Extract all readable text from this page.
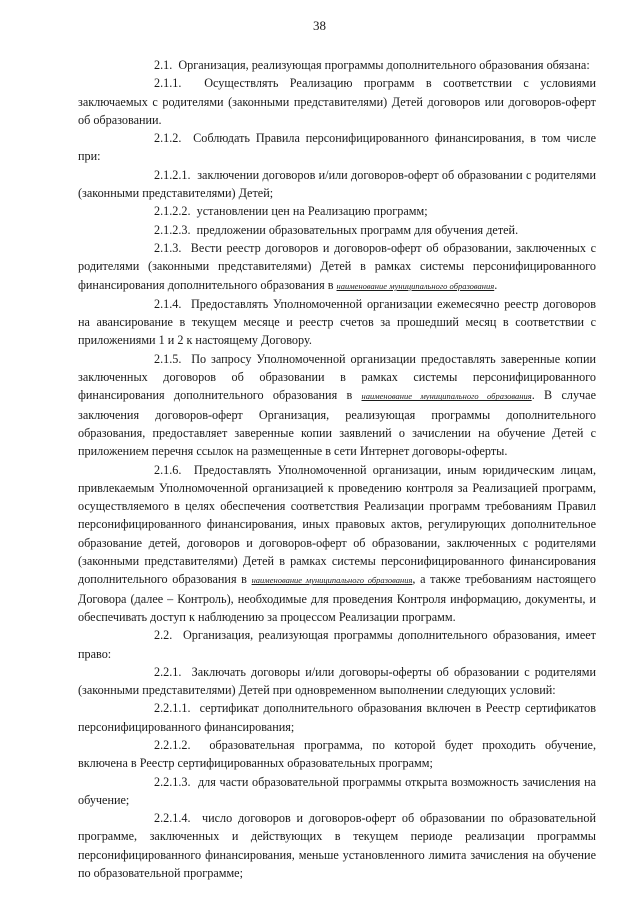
38

2.1. Организация, реализующая программы дополнительного образования обязана:

2.1.1. Осуществлять Реализацию программ в соответствии с условиями заключаемых с родителями (законными представителями) Детей договоров или договоров-оферт об образовании.

2.1.2. Соблюдать Правила персонифицированного финансирования, в том числе при:

2.1.2.1. заключении договоров и/или договоров-оферт об образовании с родителями (законными представителями) Детей;

2.1.2.2. установлении цен на Реализацию программ;

2.1.2.3. предложении образовательных программ для обучения детей.

2.1.3. Вести реестр договоров и договоров-оферт об образовании, заключенных с родителями (законными представителями) Детей в рамках системы персонифицированного финансирования дополнительного образования в наименование муниципального образования.

2.1.4. Предоставлять Уполномоченной организации ежемесячно реестр договоров на авансирование в текущем месяце и реестр счетов за прошедший месяц в соответствии с приложениями 1 и 2 к настоящему Договору.

2.1.5. По запросу Уполномоченной организации предоставлять заверенные копии заключенных договоров об образовании в рамках системы персонифицированного финансирования дополнительного образования в наименование муниципального образования. В случае заключения договоров-оферт Организация, реализующая программы дополнительного образования, предоставляет заверенные копии заявлений о зачислении на обучение Детей с приложением перечня ссылок на размещенные в сети Интернет договоры-оферты.

2.1.6. Предоставлять Уполномоченной организации, иным юридическим лицам, привлекаемым Уполномоченной организацией к проведению контроля за Реализацией программ, осуществляемого в целях обеспечения соответствия Реализации программ требованиям Правил персонифицированного финансирования, иных правовых актов, регулирующих дополнительное образование детей, договоров и договоров-оферт об образовании, заключенных с родителями (законными представителями) Детей в рамках системы персонифицированного финансирования дополнительного образования в наименование муниципального образования, а также требованиям настоящего Договора (далее – Контроль), необходимые для проведения Контроля информацию, документы, и обеспечивать доступ к наблюдению за процессом Реализации программ.

2.2. Организация, реализующая программы дополнительного образования, имеет право:

2.2.1. Заключать договоры и/или договоры-оферты об образовании с родителями (законными представителями) Детей при одновременном выполнении следующих условий:

2.2.1.1. сертификат дополнительного образования включен в Реестр сертификатов персонифицированного финансирования;

2.2.1.2. образовательная программа, по которой будет проходить обучение, включена в Реестр сертифицированных образовательных программ;

2.2.1.3. для части образовательной программы открыта возможность зачисления на обучение;

2.2.1.4. число договоров и договоров-оферт об образовании по образовательной программе, заключенных и действующих в текущем периоде реализации программы персонифицированного финансирования, меньше установленного лимита зачисления на обучение по образовательной программе;
